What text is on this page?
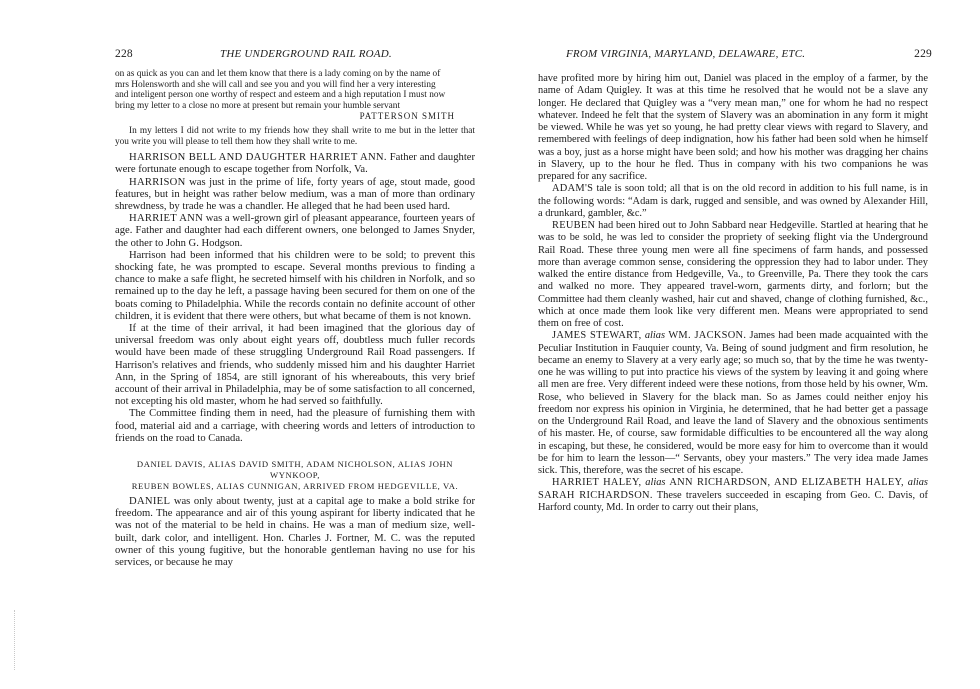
228	THE UNDERGROUND RAIL ROAD.
on as quick as you can and let them know that there is a lady coming on by the name of
mrs Holensworth and she will call and see you and you will find her a very interesting
and inteligent person one worthy of respect and esteem and a high reputation I must now
bring my letter to a close no more at present but remain your humble servant
PATTERSON SMITH

In my letters I did not write to my friends how they shall write to me but in the letter that you write you will please to tell them how they shall write to me.

HARRISON BELL AND DAUGHTER HARRIET ANN. Father and daughter were fortunate enough to escape together from Norfolk, Va.

HARRISON was just in the prime of life, forty years of age, stout made, good features, but in height was rather below medium, was a man of more than ordinary shrewdness, by trade he was a chandler. He alleged that he had been used hard.

HARRIET ANN was a well-grown girl of pleasant appearance, fourteen years of age. Father and daughter had each different owners, one belonged to James Snyder, the other to John G. Hodgson.

Harrison had been informed that his children were to be sold; to prevent this shocking fate, he was prompted to escape. Several months previous to finding a chance to make a safe flight, he secreted himself with his children in Norfolk, and so remained up to the day he left, a passage having been secured for them on one of the boats coming to Philadelphia. While the records contain no definite account of other children, it is evident that there were others, but what became of them is not known.

If at the time of their arrival, it had been imagined that the glorious day of universal freedom was only about eight years off, doubtless much fuller records would have been made of these struggling Underground Rail Road passengers. If Harrison's relatives and friends, who suddenly missed him and his daughter Harriet Ann, in the Spring of 1854, are still ignorant of his whereabouts, this very brief account of their arrival in Philadelphia, may be of some satisfaction to all concerned, not excepting his old master, whom he had served so faithfully.

The Committee finding them in need, had the pleasure of furnishing them with food, material aid and a carriage, with cheering words and letters of introduction to friends on the road to Canada.

DANIEL DAVIS, ALIAS DAVID SMITH, ADAM NICHOLSON, ALIAS JOHN WYNKOOP,
REUBEN BOWLES, ALIAS CUNNIGAN, ARRIVED FROM HEDGEVILLE, VA.

DANIEL was only about twenty, just at a capital age to make a bold strike for freedom. The appearance and air of this young aspirant for liberty indicated that he was not of the material to be held in chains. He was a man of medium size, well-built, dark color, and intelligent. Hon. Charles J. Fortner, M. C. was the reputed owner of this young fugitive, but the honorable gentleman having no use for his services, or because he may

FROM VIRGINIA, MARYLAND, DELAWARE, ETC.	229

have profited more by hiring him out, Daniel was placed in the employ of a farmer, by the name of Adam Quigley. It was at this time he resolved that he would not be a slave any longer. He declared that Quigley was a “very mean man,” one for whom he had no respect whatever. Indeed he felt that the system of Slavery was an abomination in any form it might be viewed. While he was yet so young, he had pretty clear views with regard to Slavery, and remembered with feelings of deep indignation, how his father had been sold when he himself was a boy, just as a horse might have been sold; and how his mother was dragging her chains in Slavery, up to the hour he fled. Thus in company with his two companions he was prepared for any sacrifice.

ADAM'S tale is soon told; all that is on the old record in addition to his full name, is in the following words: “Adam is dark, rugged and sensible, and was owned by Alexander Hill, a drunkard, gambler, &c.”

REUBEN had been hired out to John Sabbard near Hedgeville. Startled at hearing that he was to be sold, he was led to consider the propriety of seeking flight via the Underground Rail Road. These three young men were all fine specimens of farm hands, and possessed more than average common sense, considering the oppression they had to labor under. They walked the entire distance from Hedgeville, Va., to Greenville, Pa. There they took the cars and walked no more. They appeared travel-worn, garments dirty, and forlorn; but the Committee had them cleanly washed, hair cut and shaved, change of clothing furnished, &c., which at once made them look like very different men. Means were appropriated to send them on free of cost.

JAMES STEWART, alias WM. JACKSON. James had been made acquainted with the Peculiar Institution in Fauquier county, Va. Being of sound judgment and firm resolution, he became an enemy to Slavery at a very early age; so much so, that by the time he was twenty-one he was willing to put into practice his views of the system by leaving it and going where all men are free. Very different indeed were these notions, from those held by his owner, Wm. Rose, who believed in Slavery for the black man. So as James could neither enjoy his freedom nor express his opinion in Virginia, he determined, that he had better get a passage on the Underground Rail Road, and leave the land of Slavery and the obnoxious sentiments of his master. He, of course, saw formidable difficulties to be encountered all the way along in escaping, but these, he considered, would be more easy for him to overcome than it would be for him to learn the lesson—“ Servants, obey your masters.” The very idea made James sick. This, therefore, was the secret of his escape.

HARRIET HALEY, alias ANN RICHARDSON, AND ELIZABETH HALEY, alias SARAH RICHARDSON. These travelers succeeded in escaping from Geo. C. Davis, of Harford county, Md. In order to carry out their plans,
